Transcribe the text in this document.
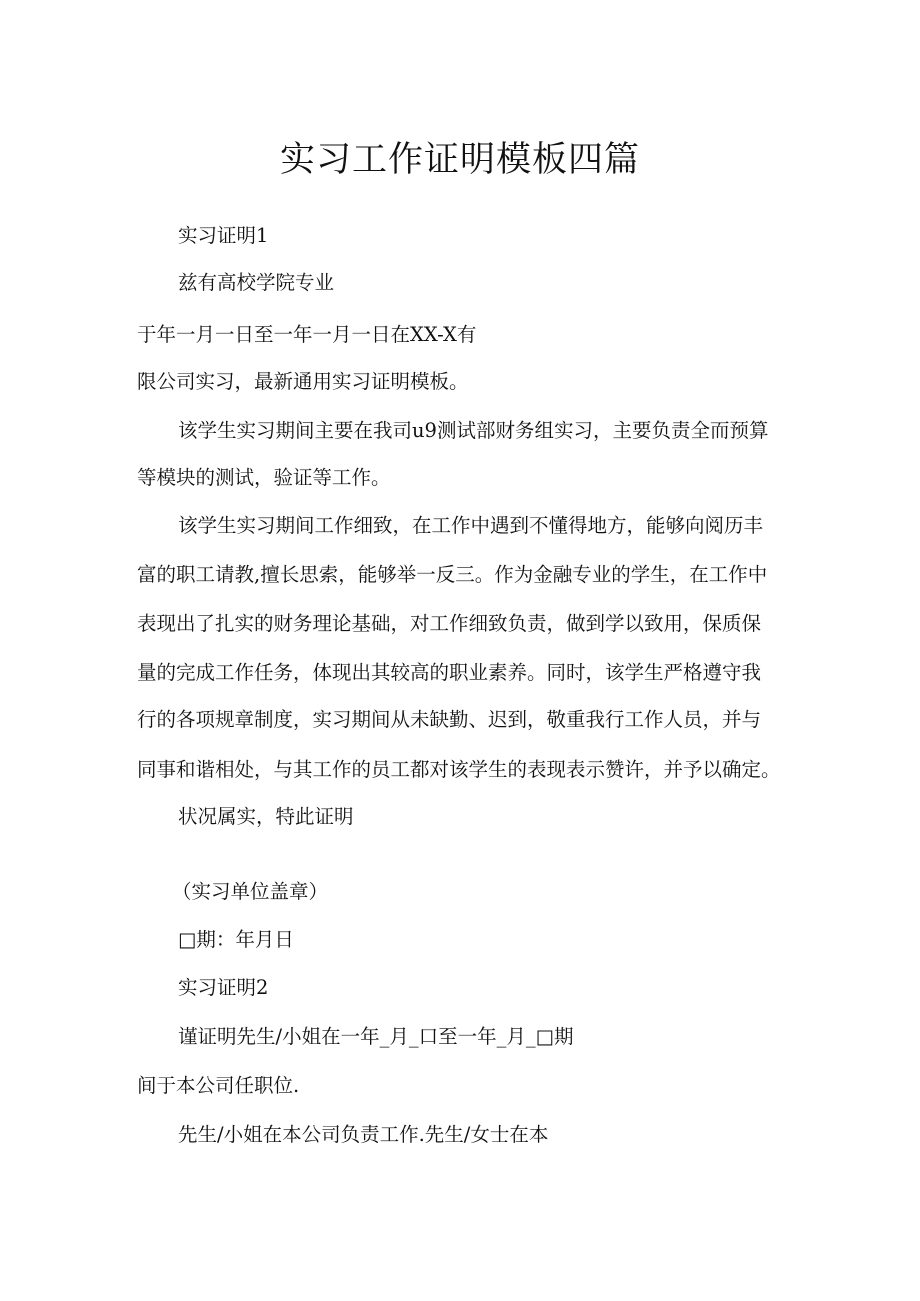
实习工作证明模板四篇
实习证明1
兹有高校学院专业
于年一月一日至一年一月一日在XX-X有
限公司实习，最新通用实习证明模板。
该学生实习期间主要在我司u9测试部财务组实习，主要负责全而预算
等模块的测试，验证等工作。
该学生实习期间工作细致，在工作中遇到不懂得地方，能够向阅历丰
富的职工请教,擅长思索，能够举一反三。作为金融专业的学生，在工作中
表现出了扎实的财务理论基础，对工作细致负责，做到学以致用，保质保
量的完成工作任务，体现出其较高的职业素养。同时，该学生严格遵守我
行的各项规章制度，实习期间从未缺勤、迟到，敬重我行工作人员，并与
同事和谐相处，与其工作的员工都对该学生的表现表示赞许，并予以确定。
状况属实，特此证明
（实习单位盖章）
□期：年月日
实习证明2
谨证明先生/小姐在一年_月_口至一年_月_□期
间于本公司任职位.
先生/小姐在本公司负责工作.先生/女士在本
